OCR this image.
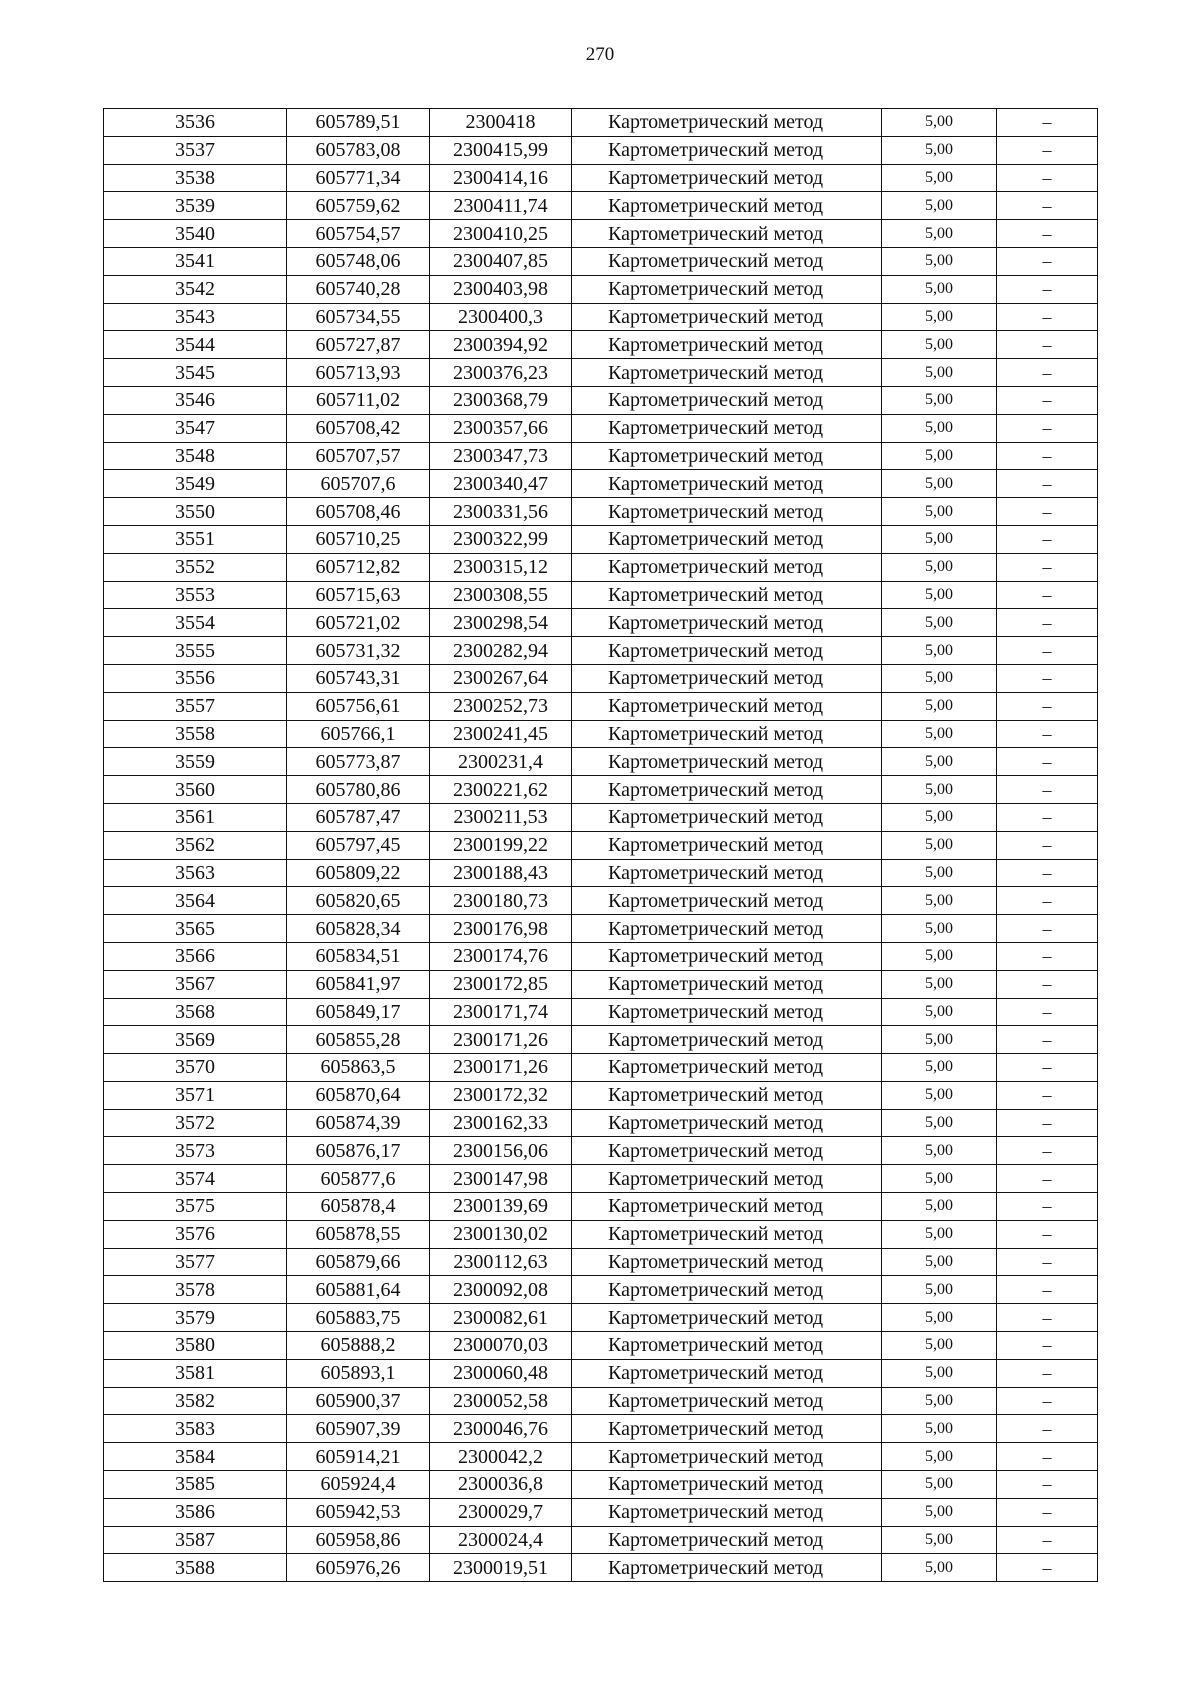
270
3536	605789,51	2300418	Картометрический метод	5,00	–
3537	605783,08	2300415,99	Картометрический метод	5,00	–
3538	605771,34	2300414,16	Картометрический метод	5,00	–
3539	605759,62	2300411,74	Картометрический метод	5,00	–
3540	605754,57	2300410,25	Картометрический метод	5,00	–
3541	605748,06	2300407,85	Картометрический метод	5,00	–
3542	605740,28	2300403,98	Картометрический метод	5,00	–
3543	605734,55	2300400,3	Картометрический метод	5,00	–
3544	605727,87	2300394,92	Картометрический метод	5,00	–
3545	605713,93	2300376,23	Картометрический метод	5,00	–
3546	605711,02	2300368,79	Картометрический метод	5,00	–
3547	605708,42	2300357,66	Картометрический метод	5,00	–
3548	605707,57	2300347,73	Картометрический метод	5,00	–
3549	605707,6	2300340,47	Картометрический метод	5,00	–
3550	605708,46	2300331,56	Картометрический метод	5,00	–
3551	605710,25	2300322,99	Картометрический метод	5,00	–
3552	605712,82	2300315,12	Картометрический метод	5,00	–
3553	605715,63	2300308,55	Картометрический метод	5,00	–
3554	605721,02	2300298,54	Картометрический метод	5,00	–
3555	605731,32	2300282,94	Картометрический метод	5,00	–
3556	605743,31	2300267,64	Картометрический метод	5,00	–
3557	605756,61	2300252,73	Картометрический метод	5,00	–
3558	605766,1	2300241,45	Картометрический метод	5,00	–
3559	605773,87	2300231,4	Картометрический метод	5,00	–
3560	605780,86	2300221,62	Картометрический метод	5,00	–
3561	605787,47	2300211,53	Картометрический метод	5,00	–
3562	605797,45	2300199,22	Картометрический метод	5,00	–
3563	605809,22	2300188,43	Картометрический метод	5,00	–
3564	605820,65	2300180,73	Картометрический метод	5,00	–
3565	605828,34	2300176,98	Картометрический метод	5,00	–
3566	605834,51	2300174,76	Картометрический метод	5,00	–
3567	605841,97	2300172,85	Картометрический метод	5,00	–
3568	605849,17	2300171,74	Картометрический метод	5,00	–
3569	605855,28	2300171,26	Картометрический метод	5,00	–
3570	605863,5	2300171,26	Картометрический метод	5,00	–
3571	605870,64	2300172,32	Картометрический метод	5,00	–
3572	605874,39	2300162,33	Картометрический метод	5,00	–
3573	605876,17	2300156,06	Картометрический метод	5,00	–
3574	605877,6	2300147,98	Картометрический метод	5,00	–
3575	605878,4	2300139,69	Картометрический метод	5,00	–
3576	605878,55	2300130,02	Картометрический метод	5,00	–
3577	605879,66	2300112,63	Картометрический метод	5,00	–
3578	605881,64	2300092,08	Картометрический метод	5,00	–
3579	605883,75	2300082,61	Картометрический метод	5,00	–
3580	605888,2	2300070,03	Картометрический метод	5,00	–
3581	605893,1	2300060,48	Картометрический метод	5,00	–
3582	605900,37	2300052,58	Картометрический метод	5,00	–
3583	605907,39	2300046,76	Картометрический метод	5,00	–
3584	605914,21	2300042,2	Картометрический метод	5,00	–
3585	605924,4	2300036,8	Картометрический метод	5,00	–
3586	605942,53	2300029,7	Картометрический метод	5,00	–
3587	605958,86	2300024,4	Картометрический метод	5,00	–
3588	605976,26	2300019,51	Картометрический метод	5,00	–
